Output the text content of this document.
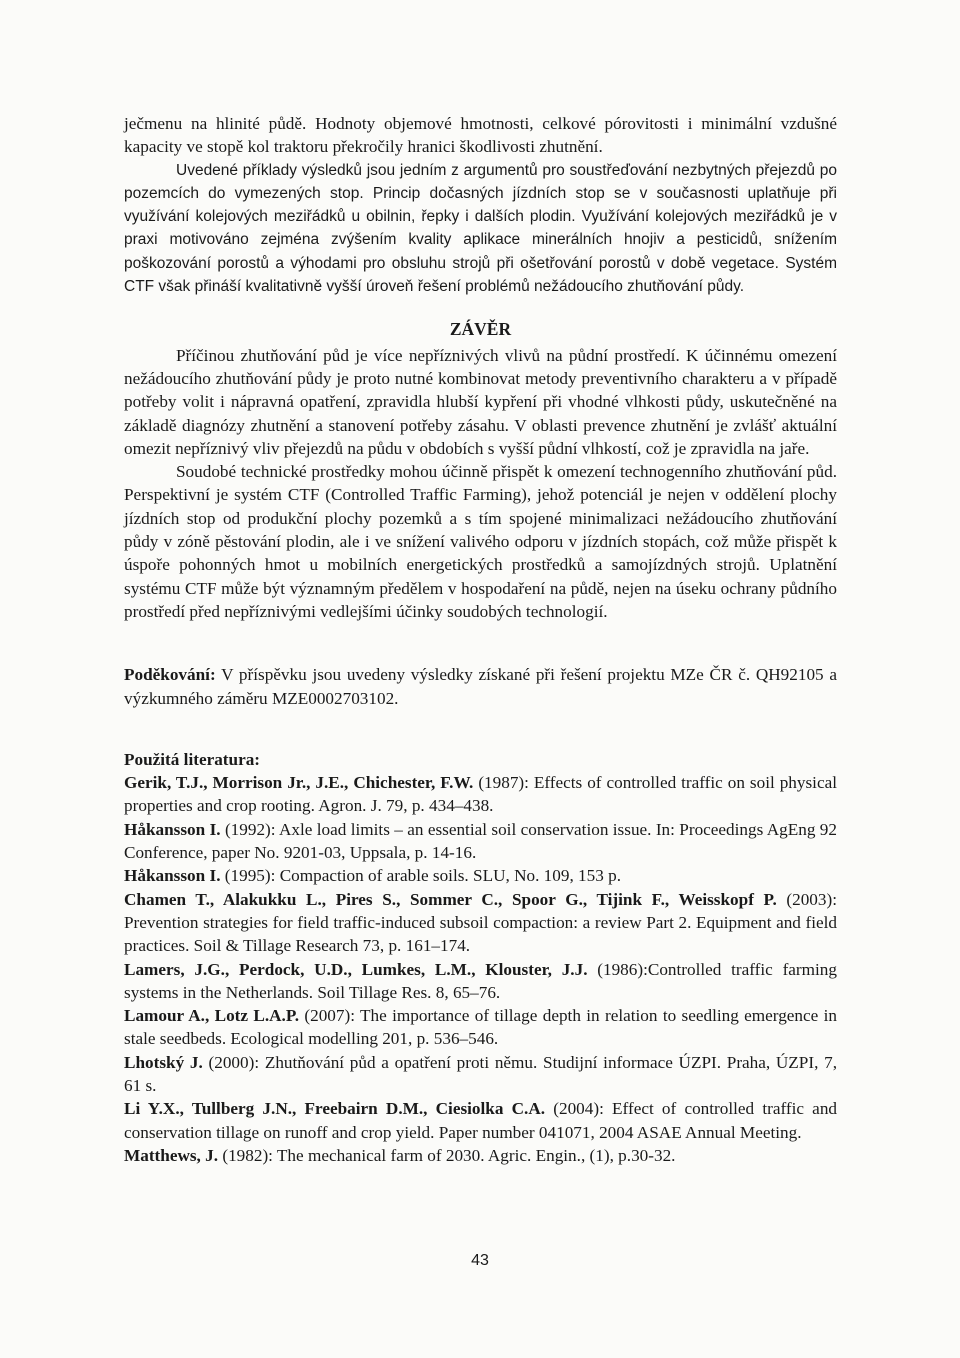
ječmenu na hlinité půdě. Hodnoty objemové hmotnosti, celkové pórovitosti i minimální vzdušné kapacity ve stopě kol traktoru překročily hranici škodlivosti zhutnění.

Uvedené příklady výsledků jsou jedním z argumentů pro soustřeďování nezbytných přejezdů po pozemcích do vymezených stop. Princip dočasných jízdních stop se v současnosti uplatňuje při využívání kolejových meziřádků u obilnin, řepky i dalších plodin. Využívání kolejových meziřádků je v praxi motivováno zejména zvýšením kvality aplikace minerálních hnojiv a pesticidů, snížením poškozování porostů a výhodami pro obsluhu strojů při ošetřování porostů v době vegetace. Systém CTF však přináší kvalitativně vyšší úroveň řešení problémů nežádoucího zhutňování půdy.

ZÁVĚR

Příčinou zhutňování půd je více nepříznivých vlivů na půdní prostředí. K účinnému omezení nežádoucího zhutňování půdy je proto nutné kombinovat metody preventivního charakteru a v případě potřeby volit i nápravná opatření, zpravidla hlubší kypření při vhodné vlhkosti půdy, uskutečněné na základě diagnózy zhutnění a stanovení potřeby zásahu. V oblasti prevence zhutnění je zvlášť aktuální omezit nepříznivý vliv přejezdů na půdu v obdobích s vyšší půdní vlhkostí, což je zpravidla na jaře.

Soudobé technické prostředky mohou účinně přispět k omezení technogenního zhutňování půd. Perspektivní je systém CTF (Controlled Traffic Farming), jehož potenciál je nejen v oddělení plochy jízdních stop od produkční plochy pozemků a s tím spojené minimalizaci nežádoucího zhutňování půdy v zóně pěstování plodin, ale i ve snížení valivého odporu v jízdních stopách, což může přispět k úspoře pohonných hmot u mobilních energetických prostředků a samojízdných strojů. Uplatnění systému CTF může být významným předělem v hospodaření na půdě, nejen na úseku ochrany půdního prostředí před nepříznivými vedlejšími účinky soudobých technologií.

Poděkování: V příspěvku jsou uvedeny výsledky získané při řešení projektu MZe ČR č. QH92105 a výzkumného záměru MZE0002703102.

Použitá literatura:

Gerik, T.J., Morrison Jr., J.E., Chichester, F.W. (1987): Effects of controlled traffic on soil physical properties and crop rooting. Agron. J. 79, p. 434–438.

Håkansson I. (1992): Axle load limits – an essential soil conservation issue. In: Proceedings AgEng 92 Conference, paper No. 9201-03, Uppsala, p. 14-16.

Håkansson I. (1995): Compaction of arable soils. SLU, No. 109, 153 p.

Chamen T., Alakukku L., Pires S., Sommer C., Spoor G., Tijink F., Weisskopf P. (2003): Prevention strategies for field traffic-induced subsoil compaction: a review Part 2. Equipment and field practices. Soil & Tillage Research 73, p. 161–174.

Lamers, J.G., Perdock, U.D., Lumkes, L.M., Klouster, J.J. (1986):Controlled traffic farming systems in the Netherlands. Soil Tillage Res. 8, 65–76.

Lamour A., Lotz L.A.P. (2007): The importance of tillage depth in relation to seedling emergence in stale seedbeds. Ecological modelling 201, p. 536–546.

Lhotský J. (2000): Zhutňování půd a opatření proti němu. Studijní informace ÚZPI. Praha, ÚZPI, 7, 61 s.

Li Y.X., Tullberg J.N., Freebairn D.M., Ciesiolka C.A. (2004): Effect of controlled traffic and conservation tillage on runoff and crop yield. Paper number 041071, 2004 ASAE Annual Meeting.

Matthews, J. (1982): The mechanical farm of 2030. Agric. Engin., (1), p.30-32.

43
